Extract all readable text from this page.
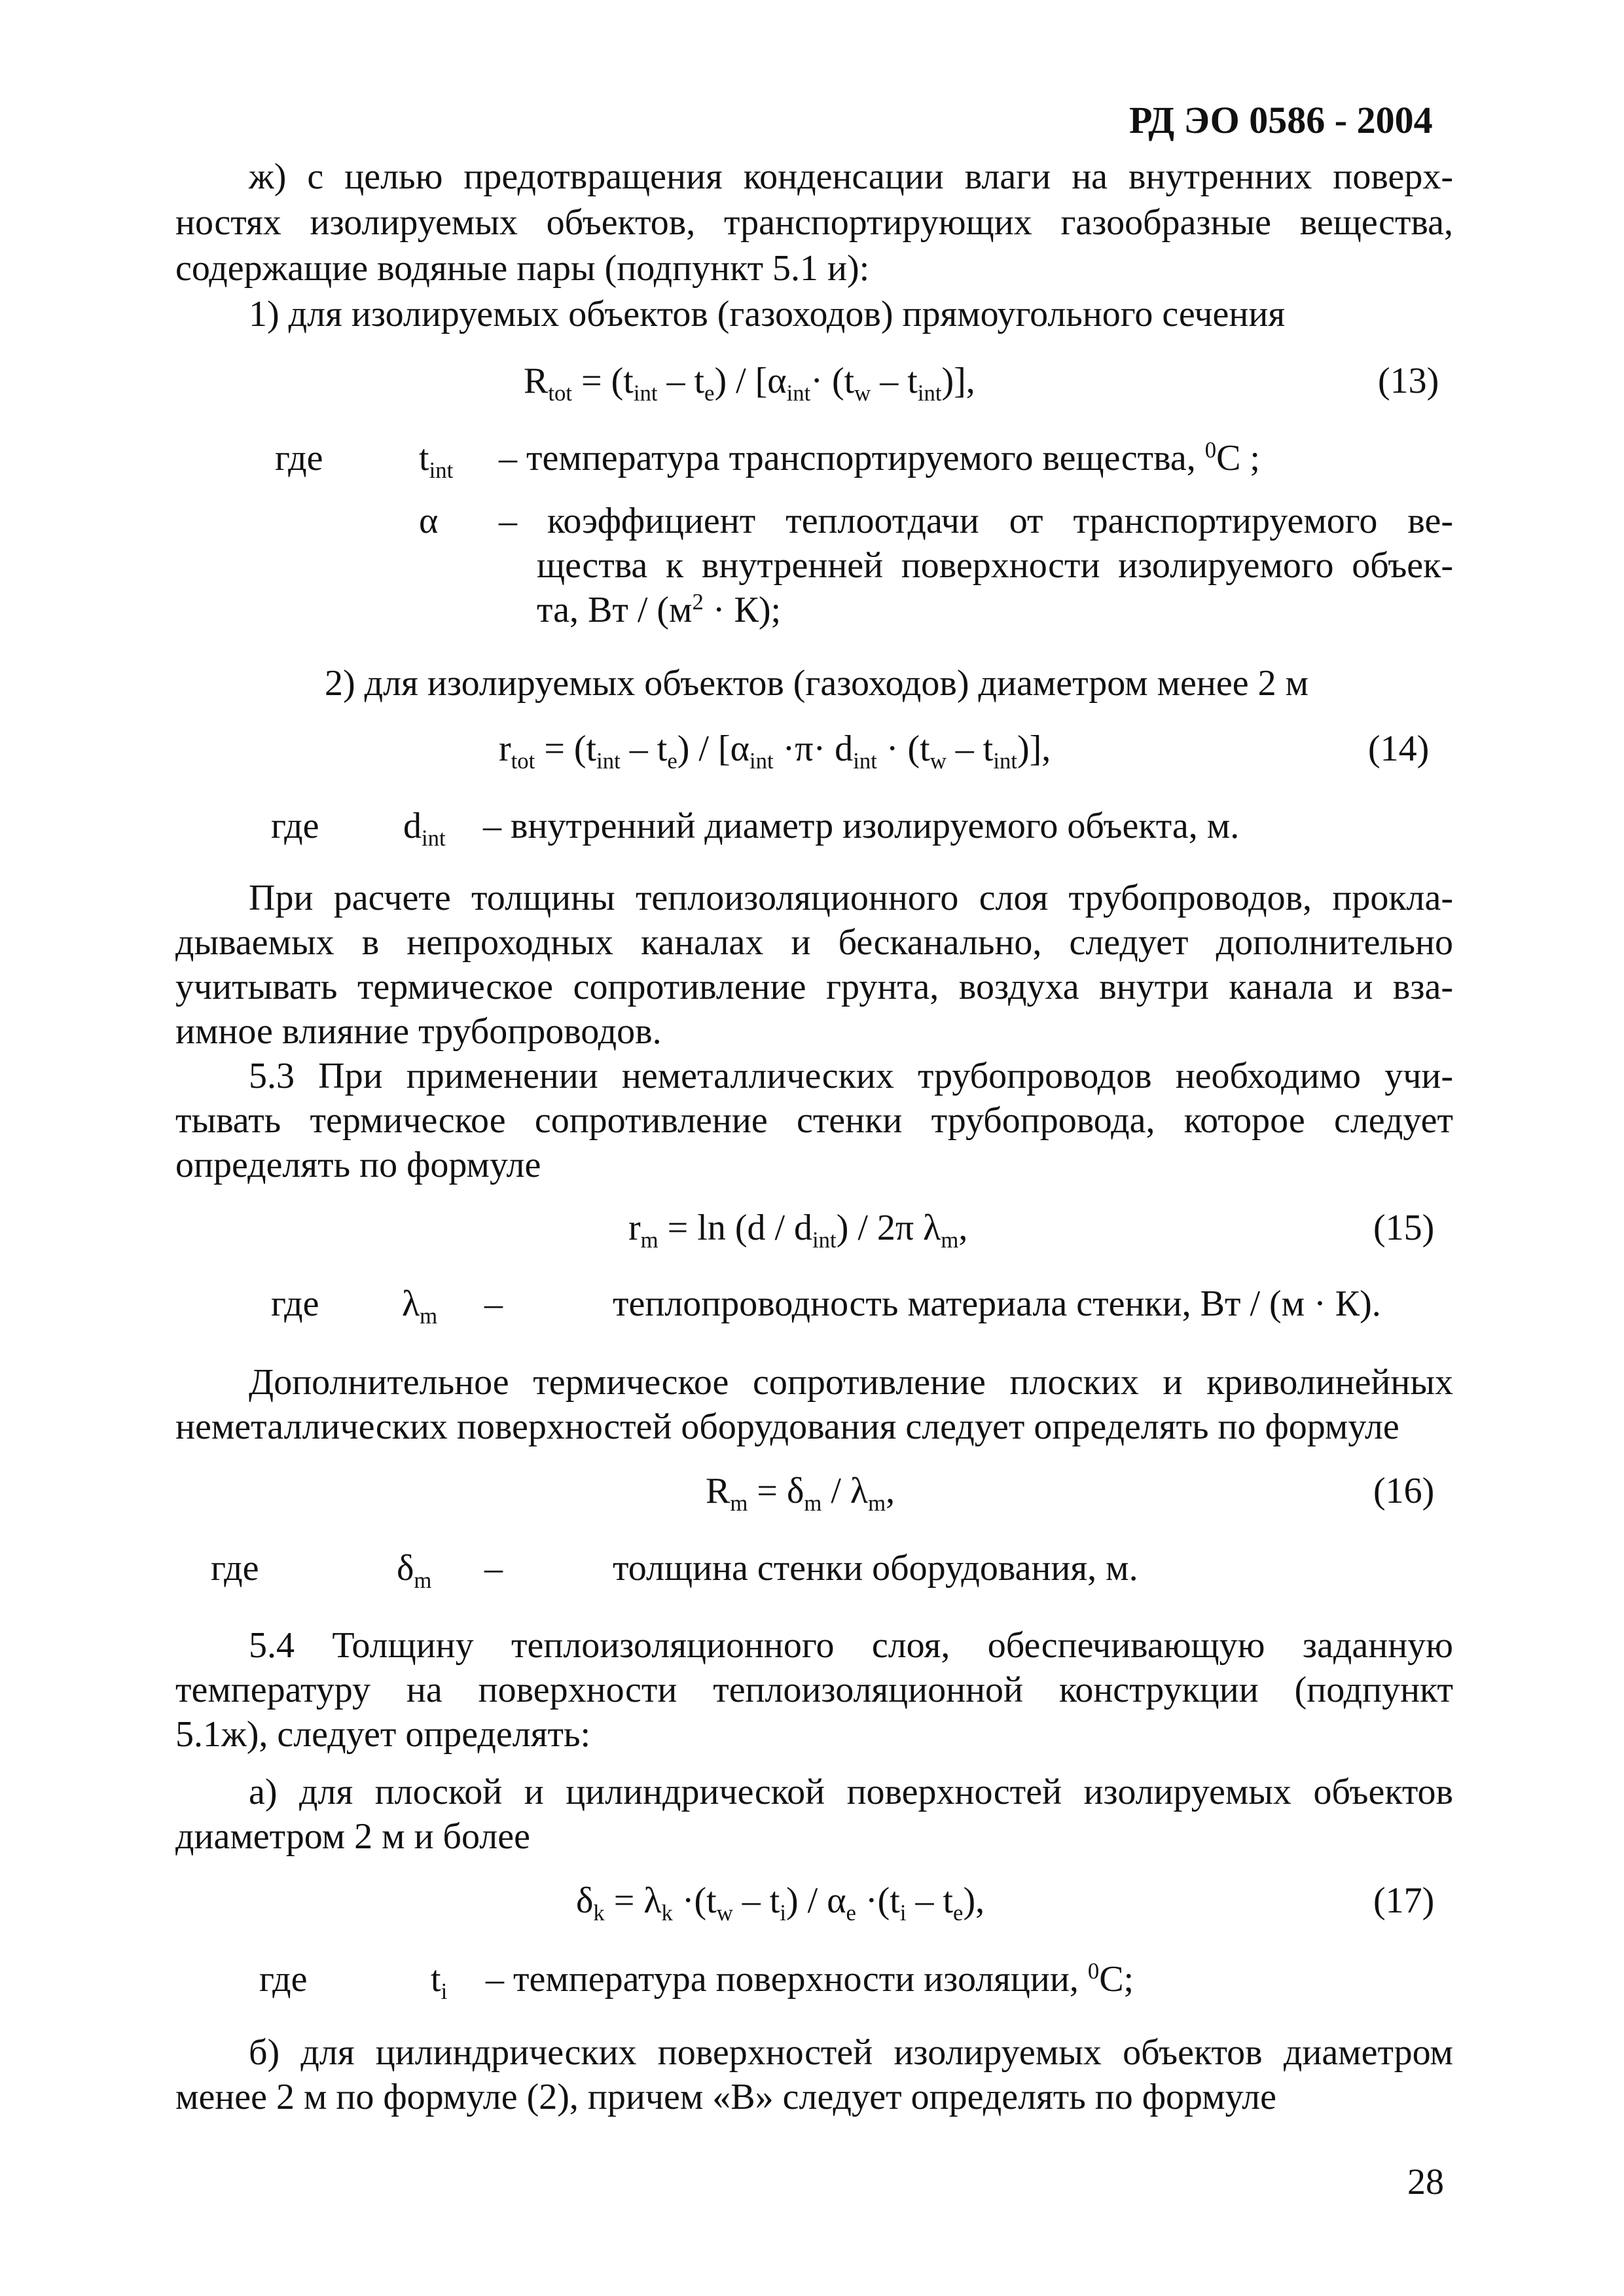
РД ЭО 0586 - 2004
ж) с целью предотвращения конденсации влаги на внутренних поверх-
ностях изолируемых объектов, транспортирующих газообразные вещества,
содержащие водяные пары (подпункт 5.1 и):
1) для изолируемых объектов (газоходов) прямоугольного сечения
$R_{tot} = (t_{int} - t_e) / [\alpha_{int}\cdot (t_w - t_{int})]$,	(13)
где	$t_{int}$ – температура транспортируемого вещества, $^0$С ;
α – коэффициент теплоотдачи от транспортируемого ве-
щества к внутренней поверхности изолируемого объек-
та, Вт / $(м^2 \cdot К)$;
2) для изолируемых объектов (газоходов) диаметром менее 2 м
$r_{tot} = (t_{int} - t_e) / [\alpha_{int} \cdot\pi\cdot d_{int} \cdot (t_w - t_{int})]$,	(14)
где $d_{int}$ – внутренний диаметр изолируемого объекта, м.
При расчете толщины теплоизоляционного слоя трубопроводов, прокла-
дываемых в непроходных каналах и бесканально, следует дополнительно
учитывать термическое сопротивление грунта, воздуха внутри канала и вза-
имное влияние трубопроводов.
5.3 При применении неметаллических трубопроводов необходимо учи-
тывать термическое сопротивление стенки трубопровода, которое следует
определять по формуле
$r_m = \ln (d / d_{int}) / 2\pi$ $\lambda_m$,	(15)
где $\lambda_m$ –	теплопроводность материала стенки, Вт / (м · К).
Дополнительное термическое сопротивление плоских и криволинейных
неметаллических поверхностей оборудования следует определять по формуле
$R_m = \delta_m / \lambda_m$,	(16)
где	$\delta_m$ –	толщина стенки оборудования, м.
5.4 Толщину теплоизоляционного слоя, обеспечивающую заданную
температуру на поверхности теплоизоляционной конструкции (подпункт
5.1ж), следует определять:
а) для плоской и цилиндрической поверхностей изолируемых объектов
диаметром 2 м и более
$\delta_k = \lambda_k \cdot(t_w - t_i) / \alpha_e \cdot(t_i - t_e)$,	(17)
где	$t_i$ – температура поверхности изоляции, $^0$С;
б) для цилиндрических поверхностей изолируемых объектов диаметром
менее 2 м по формуле (2), причем «В» следует определять по формуле
28
